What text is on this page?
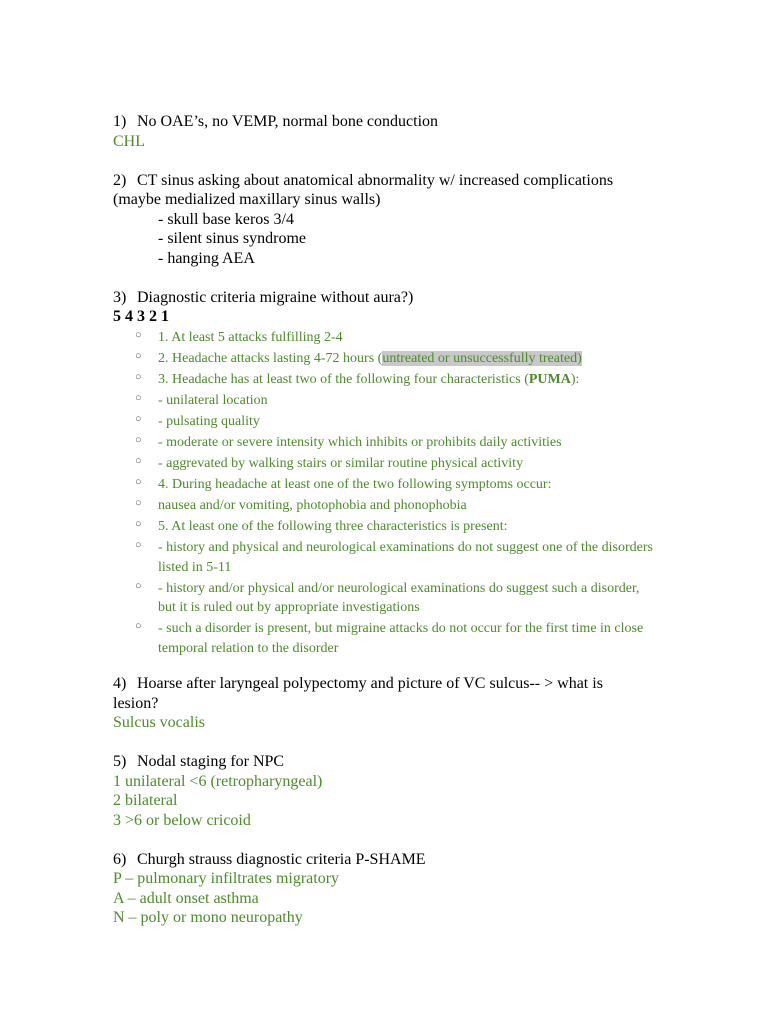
1) No OAE’s, no VEMP, normal bone conduction
CHL
2) CT sinus asking about anatomical abnormality w/ increased complications
(maybe medialized maxillary sinus walls)
- skull base keros 3/4
- silent sinus syndrome
- hanging AEA
3) Diagnostic criteria migraine without aura?)
5 4 3 2 1
○ 1. At least 5 attacks fulfilling 2-4
○ 2. Headache attacks lasting 4-72 hours (untreated or unsuccessfully treated)
○ 3. Headache has at least two of the following four characteristics (PUMA):
○ - unilateral location
○ - pulsating quality
○ - moderate or severe intensity which inhibits or prohibits daily activities
○ - aggrevated by walking stairs or similar routine physical activity
○ 4. During headache at least one of the two following symptoms occur:
○ nausea and/or vomiting, photophobia and phonophobia
○ 5. At least one of the following three characteristics is present:
○ - history and physical and neurological examinations do not suggest one of the disorders listed in 5-11
○ - history and/or physical and/or neurological examinations do suggest such a disorder, but it is ruled out by appropriate investigations
○ - such a disorder is present, but migraine attacks do not occur for the first time in close temporal relation to the disorder
4) Hoarse after laryngeal polypectomy and picture of VC sulcus-- > what is
lesion?
Sulcus vocalis
5) Nodal staging for NPC
1 unilateral <6 (retropharyngeal)
2 bilateral
3 >6 or below cricoid
6) Churgh strauss diagnostic criteria P-SHAME
P – pulmonary infiltrates migratory
A – adult onset asthma
N – poly or mono neuropathy
